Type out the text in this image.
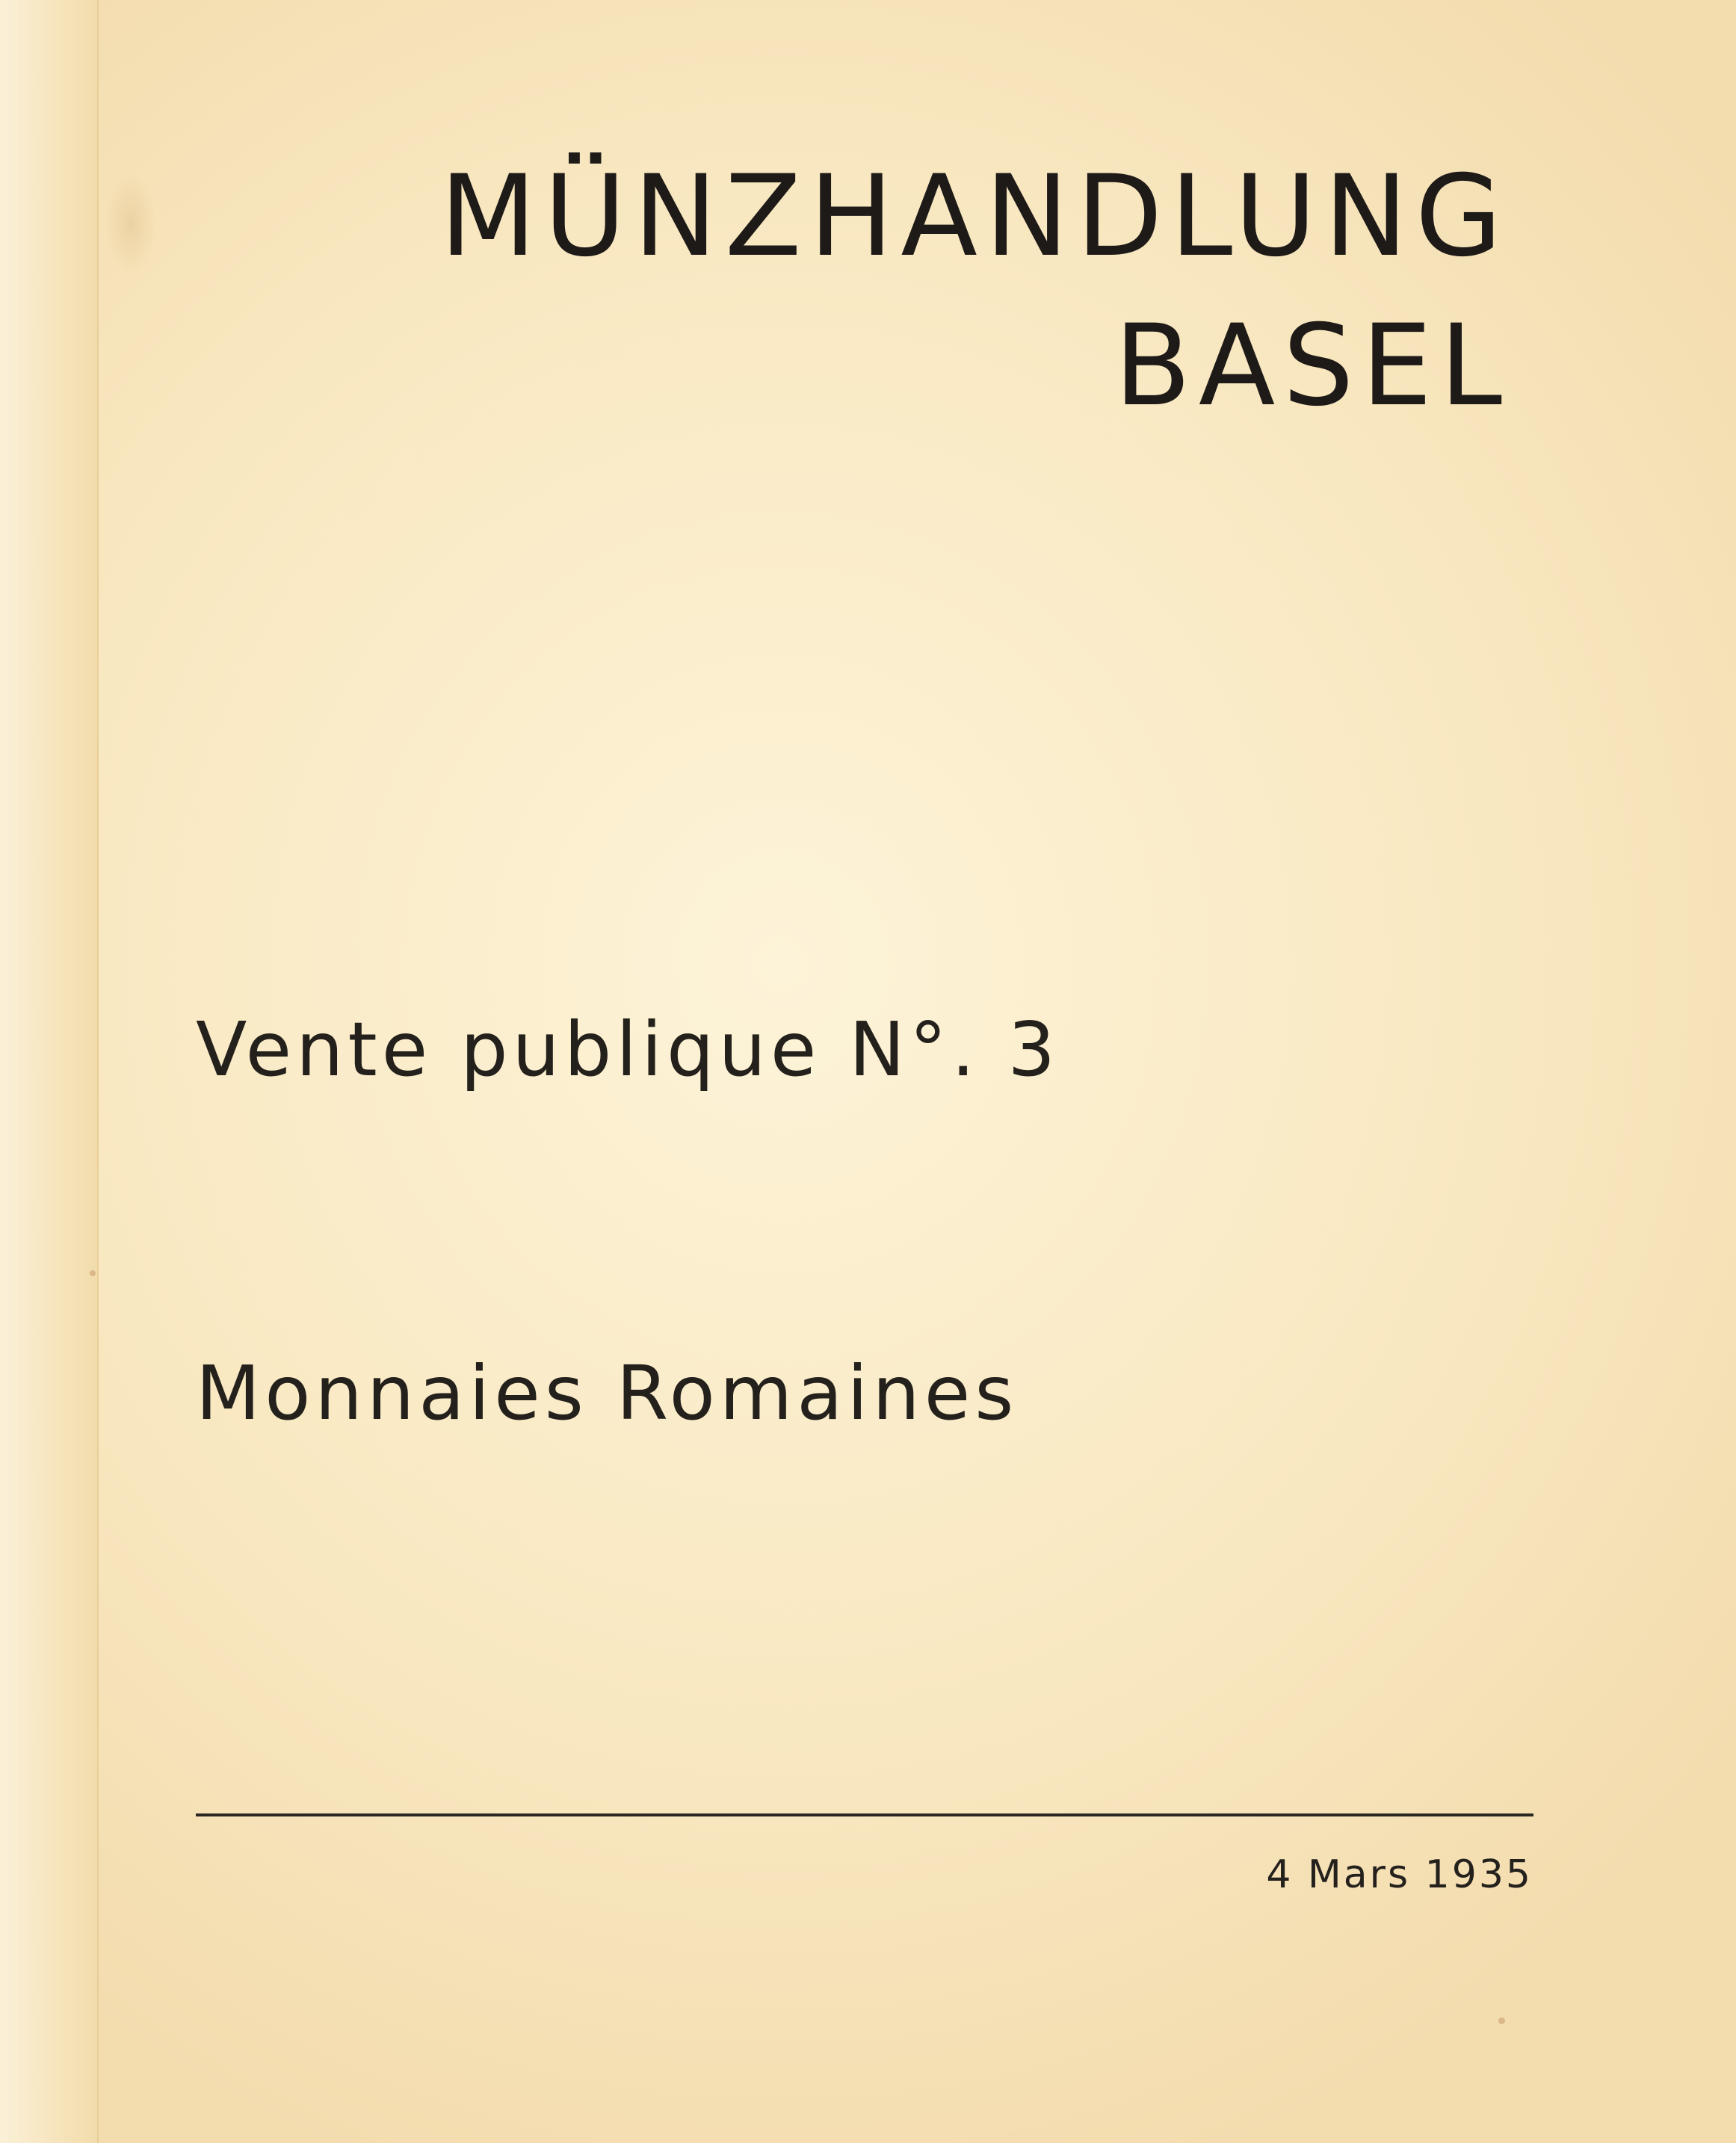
MÜNZHANDLUNG
BASEL
Vente publique N°. 3
Monnaies Romaines
4 Mars 1935
